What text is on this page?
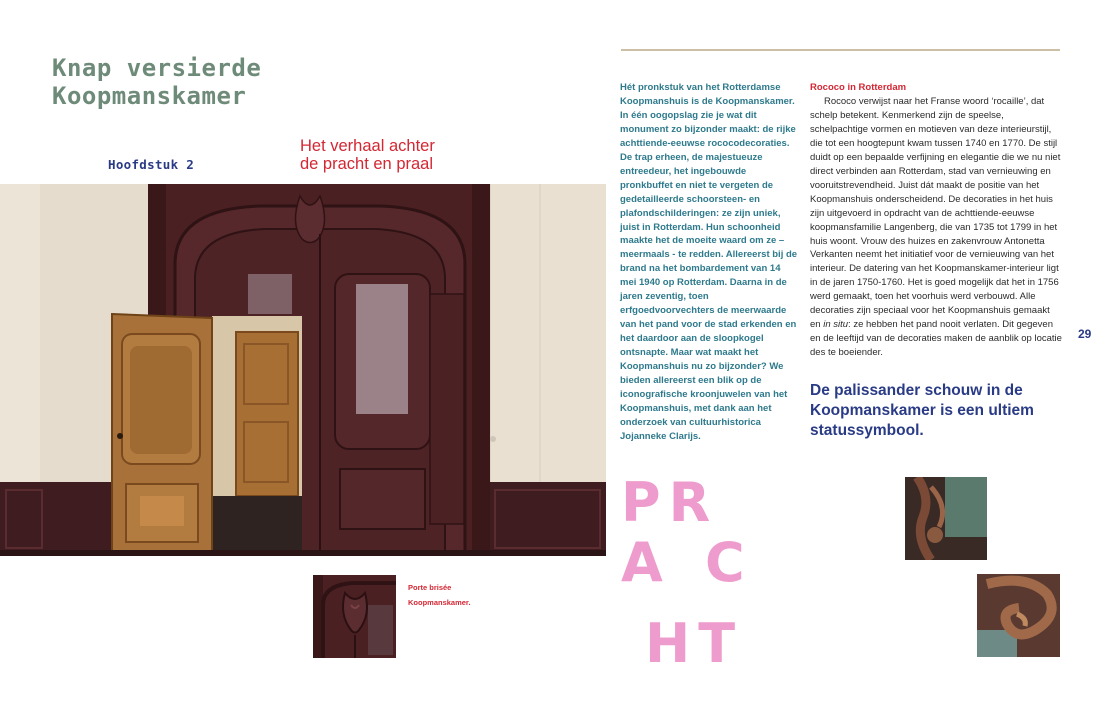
Knap versierde
Koopmanskamer
Hoofdstuk 2
Het verhaal achter
de pracht en praal
Porte brisée
Koopmanskamer.

Hét pronkstuk van het Rotterdamse Koopmanshuis is de Koopmanskamer. In één oogopslag zie je wat dit monument zo bijzonder maakt: de rijke achttiende-eeuwse rococodecoraties. De trap erheen, de majestueuze entreedeur, het ingebouwde pronkbuffet en niet te vergeten de gedetailleerde schoorsteen- en plafondschilderingen: ze zijn uniek, juist in Rotterdam. Hun schoonheid maakte het de moeite waard om ze – meermaals - te redden. Allereerst bij de brand na het bombardement van 14 mei 1940 op Rotterdam. Daarna in de jaren zeventig, toen erfgoedvoorvechters de meerwaarde van het pand voor de stad erkenden en het daardoor aan de sloopkogel ontsnapte. Maar wat maakt het Koopmanshuis nu zo bijzonder? We bieden allereerst een blik op de iconografische kroonjuwelen van het Koopmanshuis, met dank aan het onderzoek van cultuurhistorica Jojanneke Clarijs.

Rococo in Rotterdam

Rococo verwijst naar het Franse woord ‘rocaille’, dat schelp betekent. Kenmerkend zijn de speelse, schelpachtige vormen en motieven van deze interieurstijl, die tot een hoogtepunt kwam tussen 1740 en 1770. De stijl duidt op een bepaalde verfijning en elegantie die we nu niet direct verbinden aan Rotterdam, stad van vernieuwing en vooruitstrevendheid. Juist dát maakt de positie van het Koopmanshuis onderscheidend. De decoraties in het huis zijn uitgevoerd in opdracht van de achttiende-eeuwse koopmansfamilie Langenberg, die van 1735 tot 1799 in het huis woont. Vrouw des huizes en zakenvrouw Antonetta Verkanten neemt het initiatief voor de vernieuwing van het interieur. De datering van het Koopmanskamer-interieur ligt in de jaren 1750-1760. Het is goed mogelijk dat het in 1756 werd gemaakt, toen het voorhuis werd verbouwd. Alle decoraties zijn speciaal voor het Koopmanshuis gemaakt en in situ: ze hebben het pand nooit verlaten. Dit gegeven en de leeftijd van de decoraties maken de aanblik op locatie des te boeiender.

De palissander schouw in de Koopmanskamer is een ultiem statussymbool.

29
PR
A C
HT
